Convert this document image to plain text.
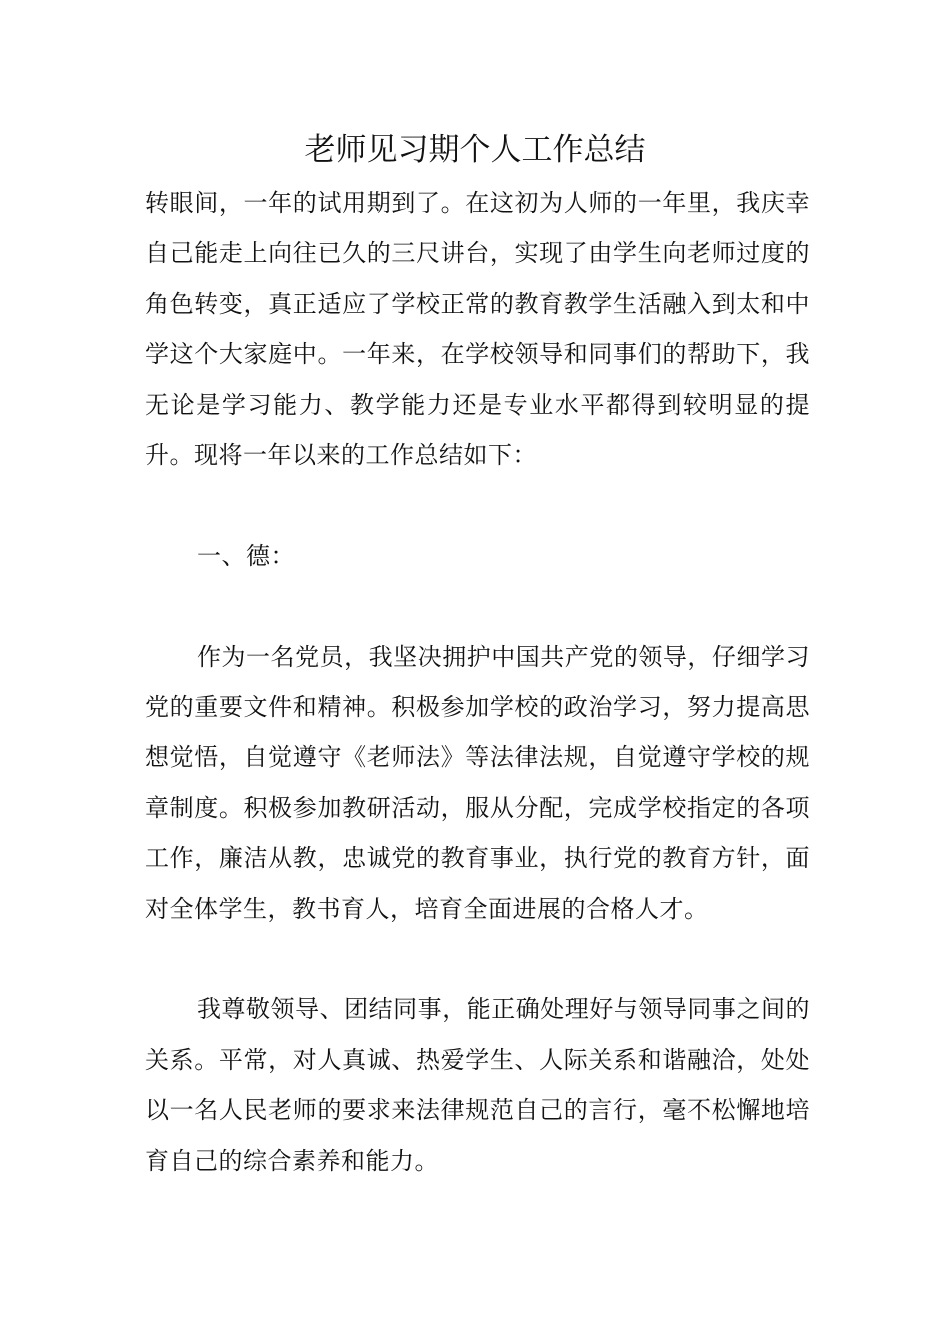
老师见习期个人工作总结

转眼间，一年的试用期到了。在这初为人师的一年里，我庆幸自己能走上向往已久的三尺讲台，实现了由学生向老师过度的角色转变，真正适应了学校正常的教育教学生活融入到太和中学这个大家庭中。一年来，在学校领导和同事们的帮助下，我无论是学习能力、教学能力还是专业水平都得到较明显的提升。现将一年以来的工作总结如下：

一、德：

作为一名党员，我坚决拥护中国共产党的领导，仔细学习党的重要文件和精神。积极参加学校的政治学习，努力提高思想觉悟，自觉遵守《老师法》等法律法规，自觉遵守学校的规章制度。积极参加教研活动，服从分配，完成学校指定的各项工作，廉洁从教，忠诚党的教育事业，执行党的教育方针，面对全体学生，教书育人，培育全面进展的合格人才。

我尊敬领导、团结同事，能正确处理好与领导同事之间的关系。平常，对人真诚、热爱学生、人际关系和谐融洽，处处以一名人民老师的要求来法律规范自己的言行，毫不松懈地培育自己的综合素养和能力。
